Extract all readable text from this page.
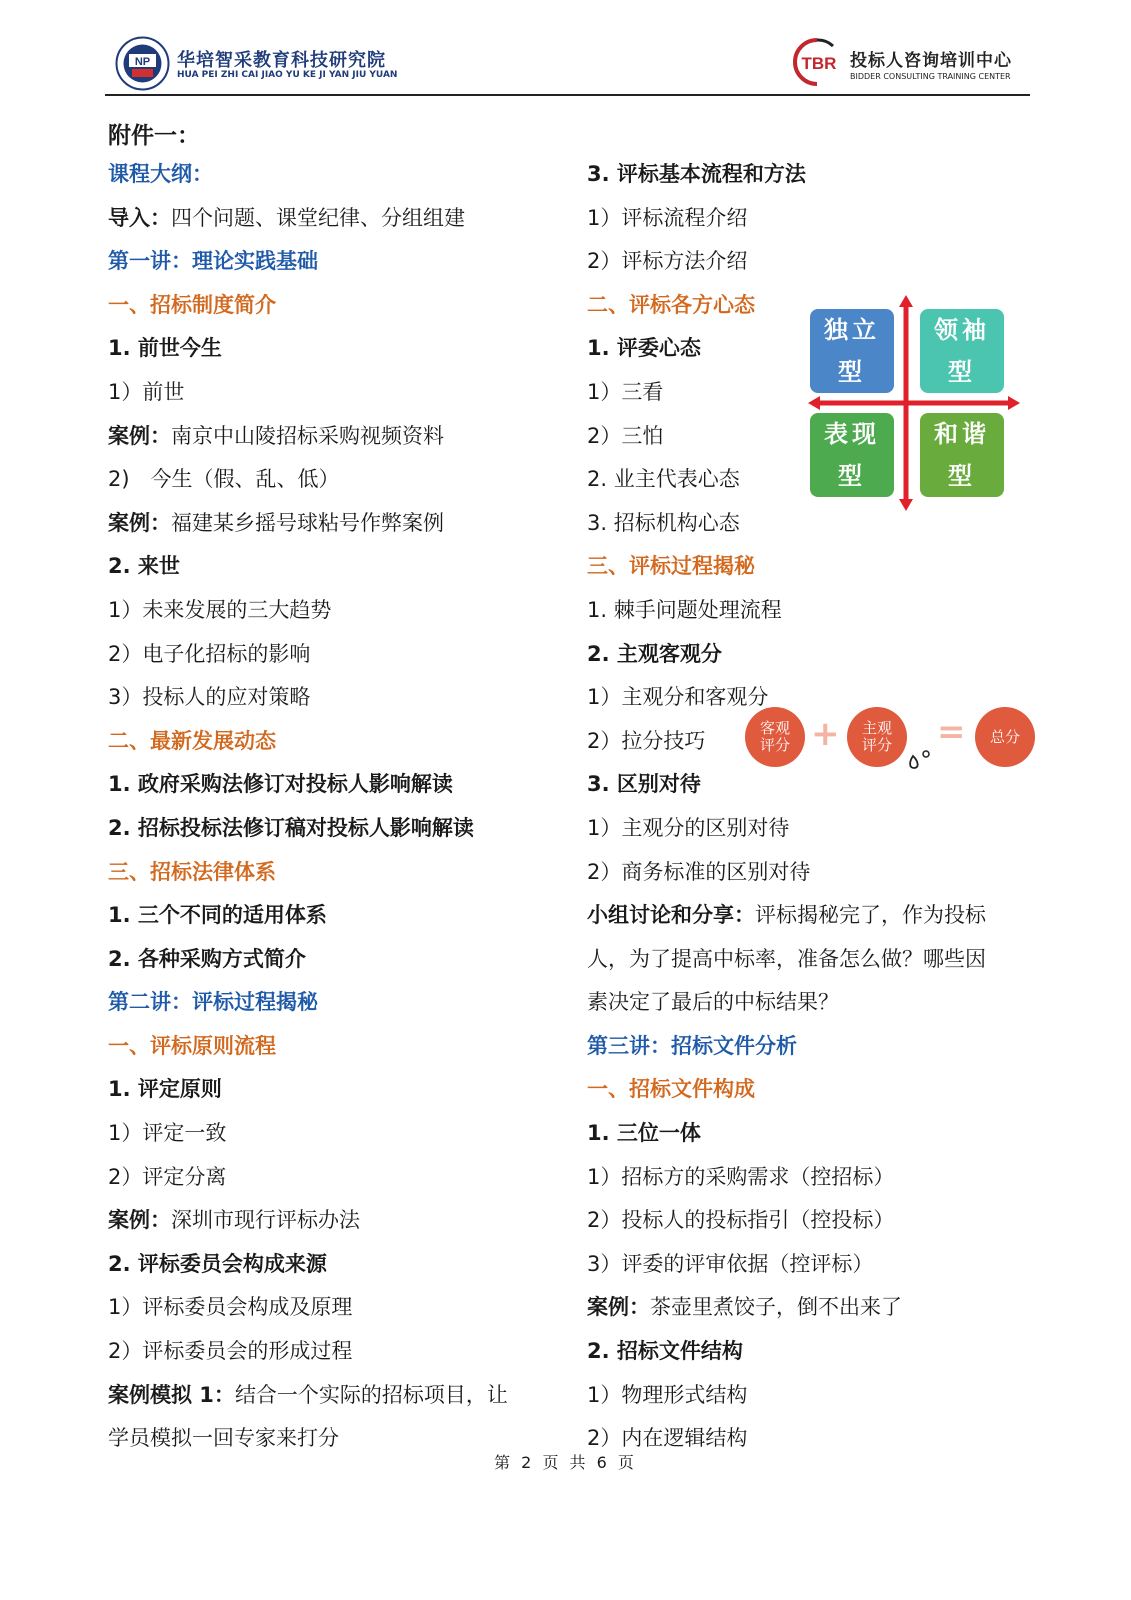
NP 华培智采教育科技研究院
HUA PEI ZHI CAI JIAO YU KE JI YAN JIU YUAN
TBR 投标人咨询培训中心
BIDDER CONSULTING TRAINING CENTER
附件一：
课程大纲：
导入：四个问题、课堂纪律、分组组建
第一讲：理论实践基础
一、招标制度简介
1. 前世今生
1）前世
案例：南京中山陵招标采购视频资料
2)　今生（假、乱、低）
案例：福建某乡摇号球粘号作弊案例
2. 来世
1）未来发展的三大趋势
2）电子化招标的影响
3）投标人的应对策略
二、最新发展动态
1. 政府采购法修订对投标人影响解读
2. 招标投标法修订稿对投标人影响解读
三、招标法律体系
1. 三个不同的适用体系
2. 各种采购方式简介
第二讲：评标过程揭秘
一、评标原则流程
1. 评定原则
1）评定一致
2）评定分离
案例：深圳市现行评标办法
2. 评标委员会构成来源
1）评标委员会构成及原理
2）评标委员会的形成过程
案例模拟 1：结合一个实际的招标项目，让
学员模拟一回专家来打分
3. 评标基本流程和方法
1）评标流程介绍
2）评标方法介绍
二、评标各方心态
1. 评委心态
1）三看
2）三怕
2. 业主代表心态
3. 招标机构心态
三、评标过程揭秘
1. 棘手问题处理流程
2. 主观客观分
1）主观分和客观分
2）拉分技巧
3. 区别对待
1）主观分的区别对待
2）商务标准的区别对待
小组讨论和分享：评标揭秘完了，作为投标
人，为了提高中标率，准备怎么做？哪些因
素决定了最后的中标结果？
第三讲：招标文件分析
一、招标文件构成
1. 三位一体
1）招标方的采购需求（控招标）
2）投标人的投标指引（控投标）
3）评委的评审依据（控评标）
案例：茶壶里煮饺子，倒不出来了
2. 招标文件结构
1）物理形式结构
2）内在逻辑结构
独立
型
领袖
型
表现
型
和谐
型
客观评分 + 主观评分 = 总分
第 2 页 共 6 页
